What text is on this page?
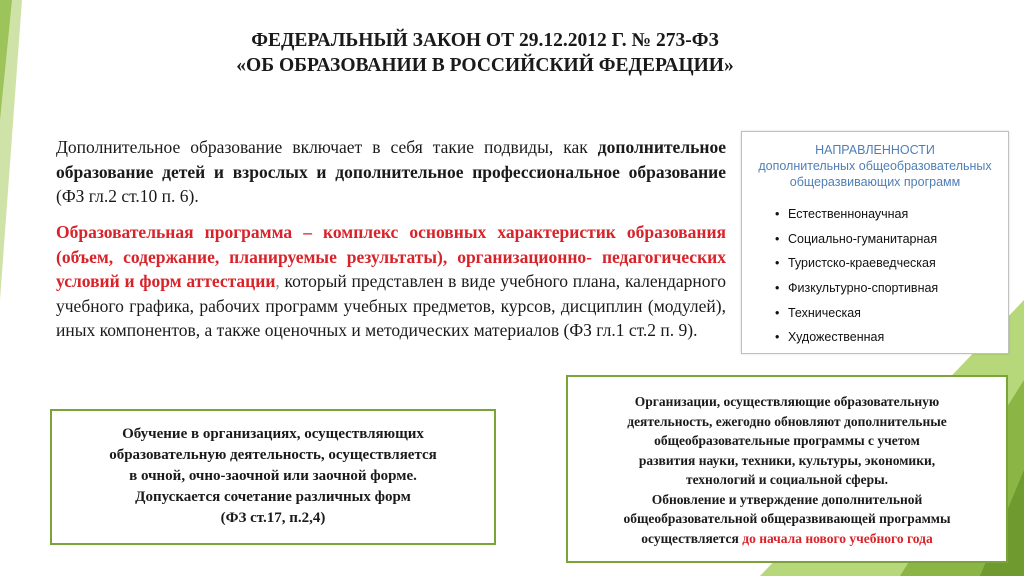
ФЕДЕРАЛЬНЫЙ ЗАКОН ОТ 29.12.2012 Г. № 273-ФЗ
«ОБ ОБРАЗОВАНИИ В РОССИЙСКИЙ ФЕДЕРАЦИИ»
Дополнительное образование включает в себя такие подвиды, как дополнительное образование детей и взрослых и дополнительное профессиональное образование (ФЗ гл.2 ст.10 п. 6).
Образовательная программа – комплекс основных характеристик образования (объем, содержание, планируемые результаты), организационно- педагогических условий и форм аттестации, который представлен в виде учебного плана, календарного учебного графика, рабочих программ учебных предметов, курсов, дисциплин (модулей), иных компонентов, а также оценочных и методических материалов (ФЗ гл.1 ст.2 п. 9).
НАПРАВЛЕННОСТИ
дополнительных общеобразовательных
общеразвивающих программ
• Естественнонаучная
• Социально-гуманитарная
• Туристско-краеведческая
• Физкультурно-спортивная
• Техническая
• Художественная
Обучение в организациях, осуществляющих
образовательную деятельность, осуществляется
в очной, очно-заочной или заочной форме.
Допускается сочетание различных форм
(ФЗ ст.17, п.2,4)
Организации, осуществляющие образовательную
деятельность, ежегодно обновляют дополнительные
общеобразовательные программы с учетом
развития науки, техники, культуры, экономики,
технологий и социальной сферы.
Обновление и утверждение дополнительной
общеобразовательной общеразвивающей программы
осуществляется до начала нового учебного года
